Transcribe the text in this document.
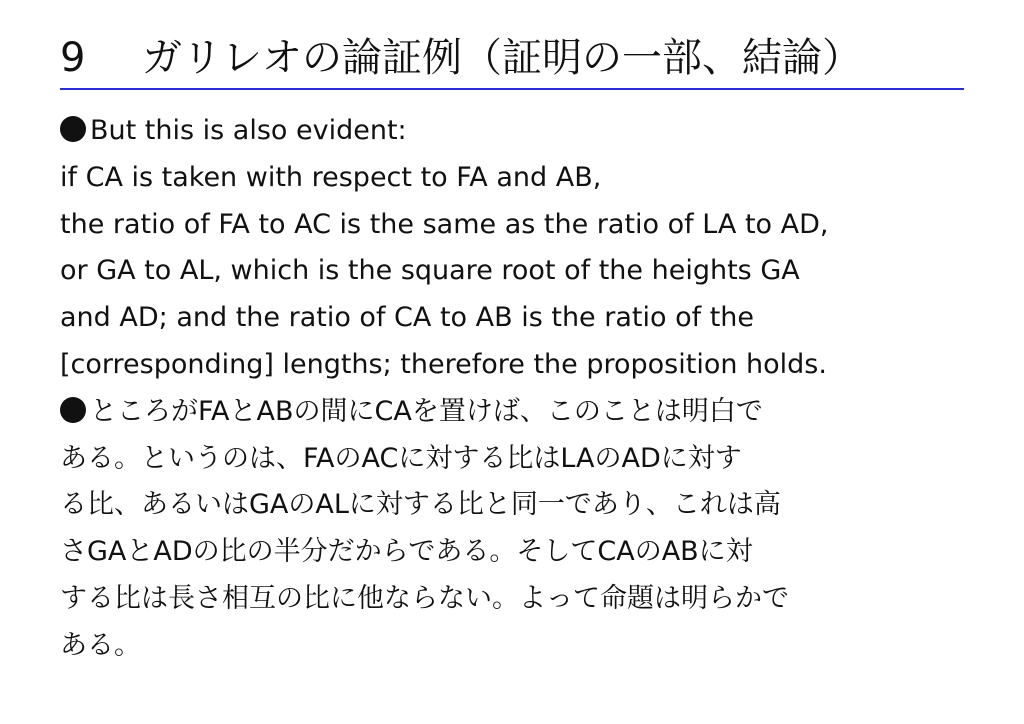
9 ガリレオの論証例（証明の一部、結論）
But this is also evident:
if CA is taken with respect to FA and AB,
the ratio of FA to AC is the same as the ratio of LA to AD,
or GA to AL, which is the square root of the heights GA
and AD; and the ratio of CA to AB is the ratio of the
[corresponding] lengths; therefore the proposition holds.
ところがFAとABの間にCAを置けば、このことは明白で
ある。というのは、FAのACに対する比はLAのADに対す
る比、あるいはGAのALに対する比と同一であり、これは高
さGAとADの比の半分だからである。そしてCAのABに対
する比は長さ相互の比に他ならない。よって命題は明らかで
ある。
